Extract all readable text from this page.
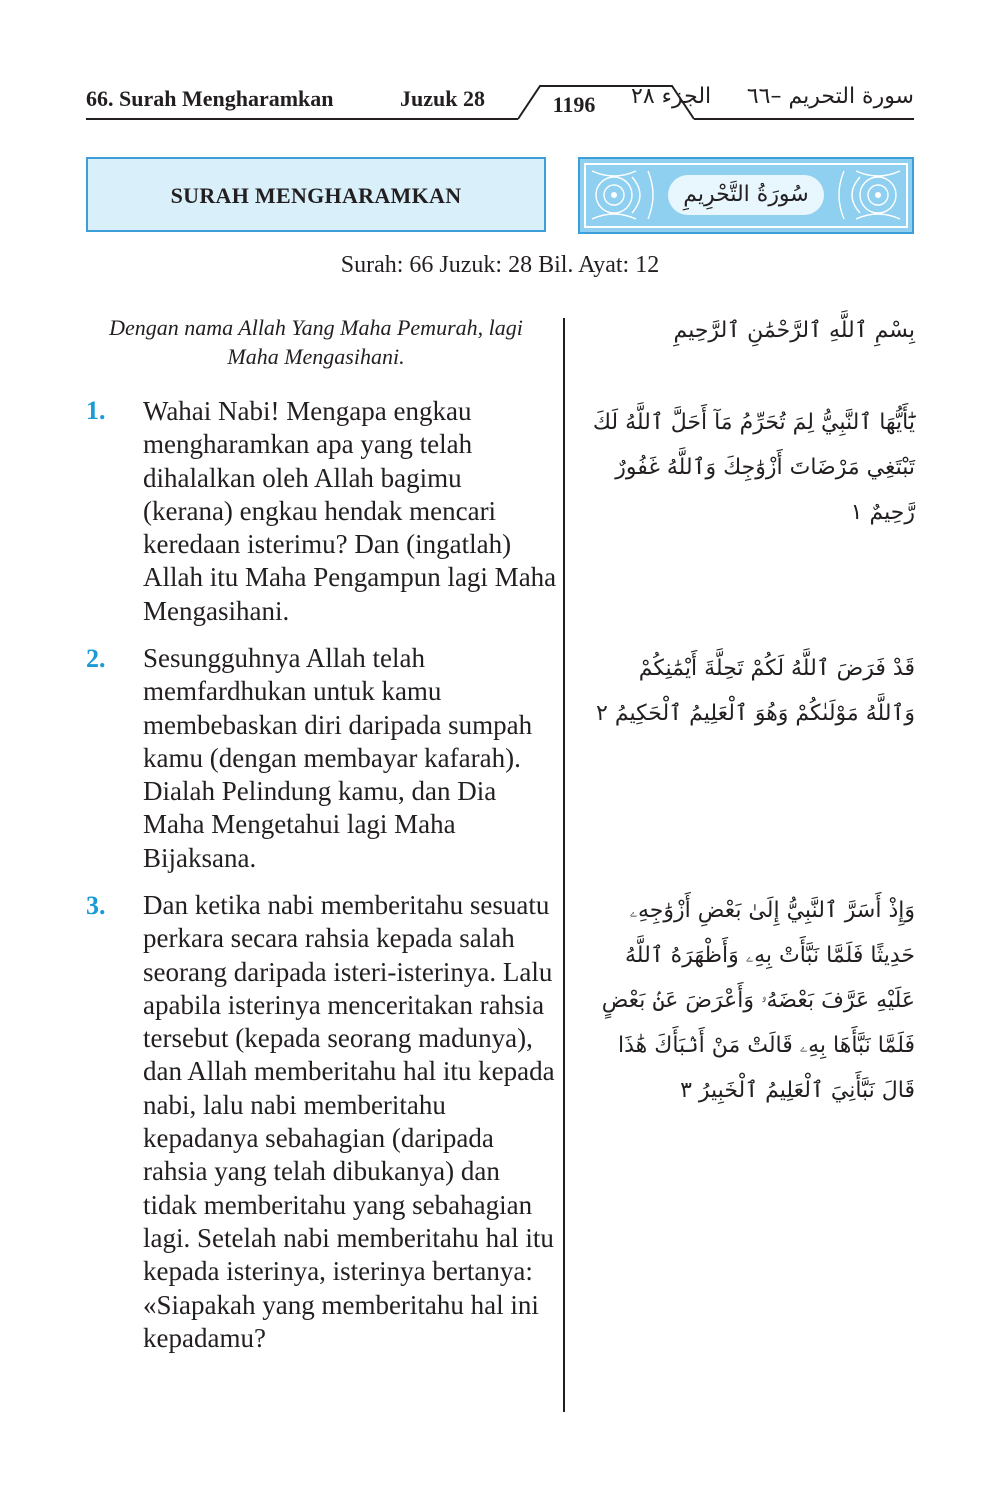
66. Surah Mengharamkan	Juzuk 28	1196	الجزء ٢٨ سورة التحريم –٦٦
SURAH MENGHARAMKAN	سُورَةُ التَّحْرِيمِ
Surah: 66 Juzuk: 28 Bil. Ayat: 12
Dengan nama Allah Yang Maha Pemurah, lagi Maha Mengasihani.
بِسْمِ ٱللَّهِ ٱلرَّحْمَٰنِ ٱلرَّحِيمِ
1. Wahai Nabi! Mengapa engkau mengharamkan apa yang telah dihalalkan oleh Allah bagimu (kerana) engkau hendak mencari keredaan isterimu? Dan (ingatlah) Allah itu Maha Pengampun lagi Maha Mengasihani.
يَٰٓأَيُّهَا ٱلنَّبِيُّ لِمَ تُحَرِّمُ مَآ أَحَلَّ ٱللَّهُ لَكَ تَبْتَغِي مَرْضَاتَ أَزْوَٰجِكَ وَٱللَّهُ غَفُورٌ رَّحِيمٌ ١
2. Sesungguhnya Allah telah memfardhukan untuk kamu membebaskan diri daripada sumpah kamu (dengan membayar kafarah). Dialah Pelindung kamu, dan Dia Maha Mengetahui lagi Maha Bijaksana.
قَدْ فَرَضَ ٱللَّهُ لَكُمْ تَحِلَّةَ أَيْمَٰنِكُمْ وَٱللَّهُ مَوْلَىٰكُمْ وَهُوَ ٱلْعَلِيمُ ٱلْحَكِيمُ ٢
3. Dan ketika nabi memberitahu sesuatu perkara secara rahsia kepada salah seorang daripada isteri-isterinya. Lalu apabila isterinya menceritakan rahsia tersebut (kepada seorang madunya), dan Allah memberitahu hal itu kepada nabi, lalu nabi memberitahu kepadanya sebahagian (daripada rahsia yang telah dibukanya) dan tidak memberitahu yang sebahagian lagi. Setelah nabi memberitahu hal itu kepada isterinya, isterinya bertanya: «Siapakah yang memberitahu hal ini kepadamu?
وَإِذْ أَسَرَّ ٱلنَّبِيُّ إِلَىٰ بَعْضِ أَزْوَٰجِهِۦ حَدِيثًا فَلَمَّا نَبَّأَتْ بِهِۦ وَأَظْهَرَهُ ٱللَّهُ عَلَيْهِ عَرَّفَ بَعْضَهُۥ وَأَعْرَضَ عَنۢ بَعْضٍ فَلَمَّا نَبَّأَهَا بِهِۦ قَالَتْ مَنْ أَنۢبَأَكَ هَٰذَا قَالَ نَبَّأَنِيَ ٱلْعَلِيمُ ٱلْخَبِيرُ ٣
